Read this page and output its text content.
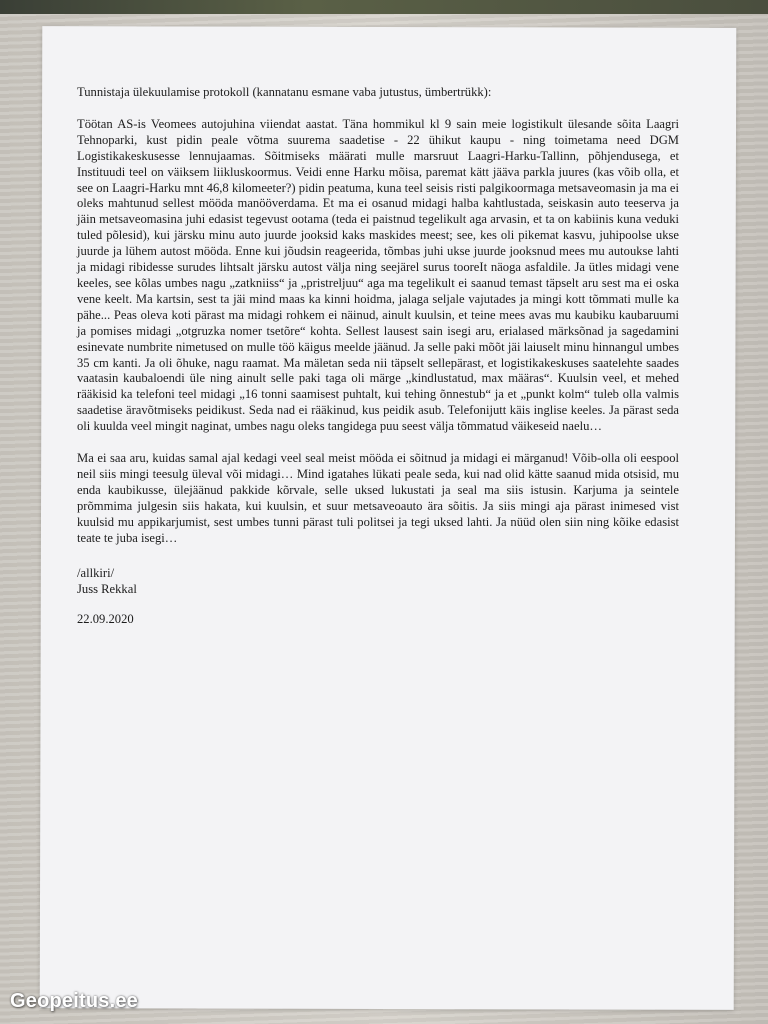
Tunnistaja ülekuulamise protokoll (kannatanu esmane vaba jutustus, ümbertrükk):

Töötan AS-is Veomees autojuhina viiendat aastat. Täna hommikul kl 9 sain meie logistikult ülesande sõita Laagri Tehnoparki, kust pidin peale võtma suurema saadetise - 22 ühikut kaupu - ning toimetama need DGM Logistikakeskusesse lennujaamas. Sõitmiseks määrati mulle marsruut Laagri-Harku-Tallinn, põhjendusega, et Instituudi teel on väiksem liikluskoormus. Veidi enne Harku mõisa, paremat kätt jääva parkla juures (kas võib olla, et see on Laagri-Harku mnt 46,8 kilomeeter?) pidin peatuma, kuna teel seisis risti palgikoormaga metsaveomasin ja ma ei oleks mahtunud sellest mööda manööverdama. Et ma ei osanud midagi halba kahtlustada, seiskasin auto teeserva ja jäin metsaveomasina juhi edasist tegevust ootama (teda ei paistnud tegelikult aga arvasin, et ta on kabiinis kuna veduki tuled põlesid), kui järsku minu auto juurde jooksid kaks maskides meest; see, kes oli pikemat kasvu, juhipoolse ukse juurde ja lühem autost mööda. Enne kui jõudsin reageerida, tõmbas juhi ukse juurde jooksnud mees mu autoukse lahti ja midagi ribidesse surudes lihtsalt järsku autost välja ning seejärel surus tooreIt näoga asfaldile. Ja ütles midagi vene keeles, see kõlas umbes nagu „zatkniiss“ ja „pristreljuu“ aga ma tegelikult ei saanud temast täpselt aru sest ma ei oska vene keelt. Ma kartsin, sest ta jäi mind maas ka kinni hoidma, jalaga seljale vajutades ja mingi kott tõmmati mulle ka pähe... Peas oleva koti pärast ma midagi rohkem ei näinud, ainult kuulsin, et teine mees avas mu kaubiku kaubaruumi ja pomises midagi „otgruzka nomer tsetõre“ kohta. Sellest lausest sain isegi aru, erialased märksõnad ja sagedamini esinevate numbrite nimetused on mulle töö käigus meelde jäänud. Ja selle paki mõõt jäi laiuselt minu hinnangul umbes 35 cm kanti. Ja oli õhuke, nagu raamat. Ma mäletan seda nii täpselt sellepärast, et logistikakeskuses saatelehte saades vaatasin kaubaloendi üle ning ainult selle paki taga oli märge „kindlustatud, max määras“. Kuulsin veel, et mehed rääkisid ka telefoni teel midagi „16 tonni saamisest puhtalt, kui tehing õnnestub“ ja et „punkt kolm“ tuleb olla valmis saadetise äravõtmiseks peidikust. Seda nad ei rääkinud, kus peidik asub. Telefonijutt käis inglise keeles. Ja pärast seda oli kuulda veel mingit naginat, umbes nagu oleks tangidega puu seest välja tõmmatud väikeseid naelu…

Ma ei saa aru, kuidas samal ajal kedagi veel seal meist mööda ei sõitnud ja midagi ei märganud! Võib-olla oli eespool neil siis mingi teesulg üleval või midagi… Mind igatahes lükati peale seda, kui nad olid kätte saanud mida otsisid, mu enda kaubikusse, ülejäänud pakkide kõrvale, selle uksed lukustati ja seal ma siis istusin. Karjuma ja seintele prõmmima julgesin siis hakata, kui kuulsin, et suur metsaveoauto ära sõitis. Ja siis mingi aja pärast inimesed vist kuulsid mu appikarjumist, sest umbes tunni pärast tuli politsei ja tegi uksed lahti. Ja nüüd olen siin ning kõike edasist teate te juba isegi…

/allkiri/
Juss Rekkal
22.09.2020
Geopeitus.ee
